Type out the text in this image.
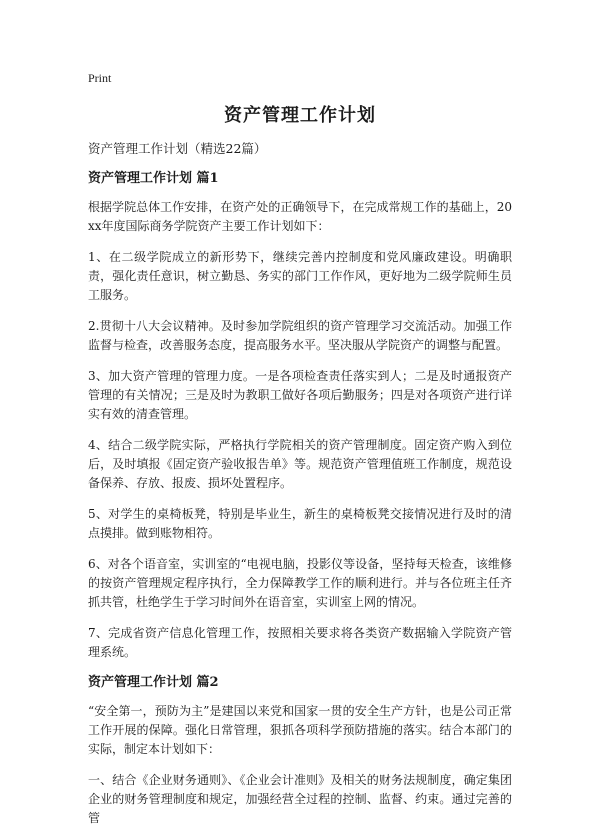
Print

资产管理工作计划

资产管理工作计划（精选22篇）

资产管理工作计划 篇1

根据学院总体工作安排，在资产处的正确领导下，在完成常规工作的基础上，20xx年度国际商务学院资产主要工作计划如下：

1、在二级学院成立的新形势下，继续完善内控制度和党风廉政建设。明确职责，强化责任意识，树立勤恳、务实的部门工作作风，更好地为二级学院师生员工服务。

2.贯彻十八大会议精神。及时参加学院组织的资产管理学习交流活动。加强工作监督与检查，改善服务态度，提高服务水平。坚决服从学院资产的调整与配置。

3、加大资产管理的管理力度。一是各项检查责任落实到人；二是及时通报资产管理的有关情况；三是及时为教职工做好各项后勤服务；四是对各项资产进行详实有效的清查管理。

4、结合二级学院实际，严格执行学院相关的资产管理制度。固定资产购入到位后，及时填报《固定资产验收报告单》等。规范资产管理值班工作制度，规范设备保养、存放、报废、损坏处置程序。

5、对学生的桌椅板凳，特别是毕业生，新生的桌椅板凳交接情况进行及时的清点摸排。做到账物相符。

6、对各个语音室，实训室的“电视电脑，投影仪等设备，坚持每天检查，该维修的按资产管理规定程序执行，全力保障教学工作的顺利进行。并与各位班主任齐抓共管，杜绝学生于学习时间外在语音室，实训室上网的情况。

7、完成省资产信息化管理工作，按照相关要求将各类资产数据输入学院资产管理系统。

资产管理工作计划 篇2

“安全第一，预防为主”是建国以来党和国家一贯的安全生产方针，也是公司正常工作开展的保障。强化日常管理，狠抓各项科学预防措施的落实。结合本部门的实际，制定本计划如下：

一、结合《企业财务通则》、《企业会计准则》及相关的财务法规制度，确定集团企业的财务管理制度和规定，加强经营全过程的控制、监督、约束。通过完善的管
